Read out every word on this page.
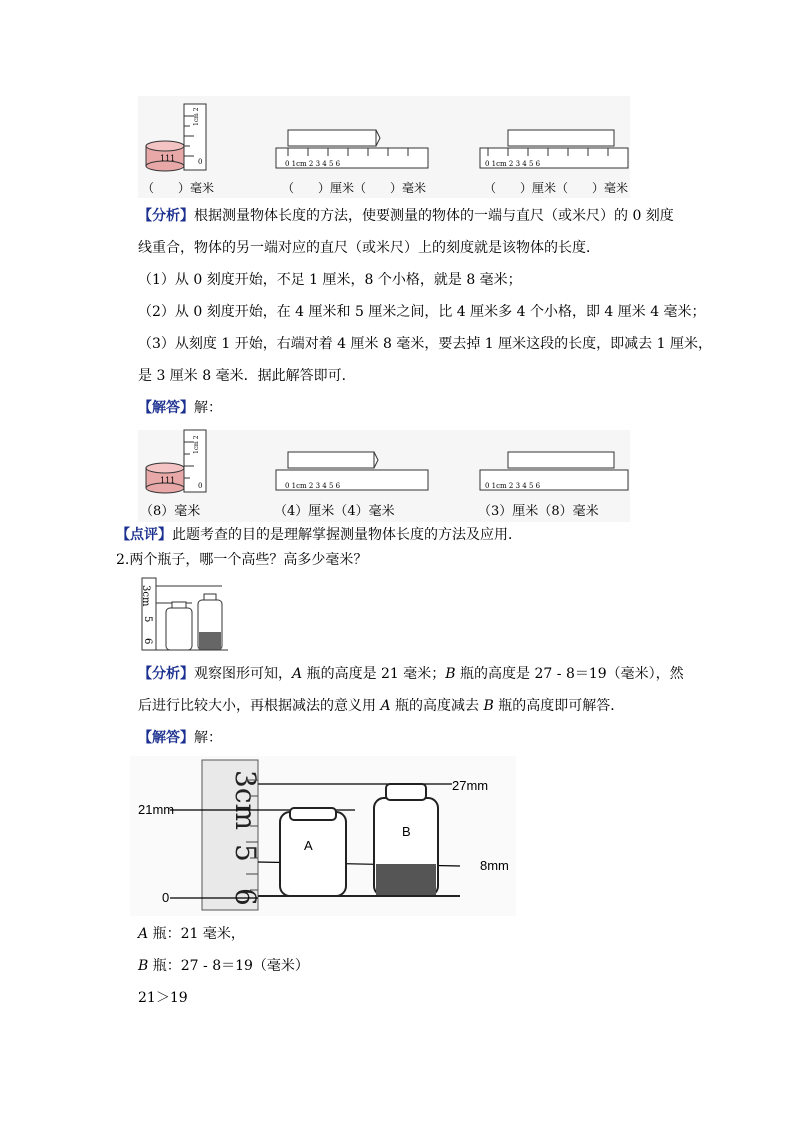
111
1cm 2
0
（　　）毫米
0 1cm 2 3 4 5 6
（　　）厘米（　　）毫米
0 1cm 2 3 4 5 6
（　　）厘米（　　）毫米
【分析】根据测量物体长度的方法，使要测量的物体的一端与直尺（或米尺）的 0 刻度
线重合，物体的另一端对应的直尺（或米尺）上的刻度就是该物体的长度．
（1）从 0 刻度开始，不足 1 厘米，8 个小格，就是 8 毫米；
（2）从 0 刻度开始，在 4 厘米和 5 厘米之间，比 4 厘米多 4 个小格，即 4 厘米 4 毫米；
（3）从刻度 1 开始，右端对着 4 厘米 8 毫米，要去掉 1 厘米这段的长度，即减去 1 厘米，
是 3 厘米 8 毫米．据此解答即可．
【解答】解：
111
1cm 2
0	0 1cm 2 3 4 5 6	0 1cm 2 3 4 5 6
（8）毫米	（4）厘米（4）毫米	（3）厘米（8）毫米
【点评】此题考查的目的是理解掌握测量物体长度的方法及应用．
2.两个瓶子，哪一个高些？高多少毫米？
3cm
5
6
【分析】观察图形可知，A 瓶的高度是 21 毫米；B 瓶的高度是 27 - 8＝19（毫米），然
后进行比较大小，再根据减法的意义用 A 瓶的高度减去 B 瓶的高度即可解答．
【解答】解：
3cm
5
6
21mm
27mm
8mm
0
A
B
A 瓶：21 毫米，
B 瓶：27 - 8＝19（毫米）
21＞19
